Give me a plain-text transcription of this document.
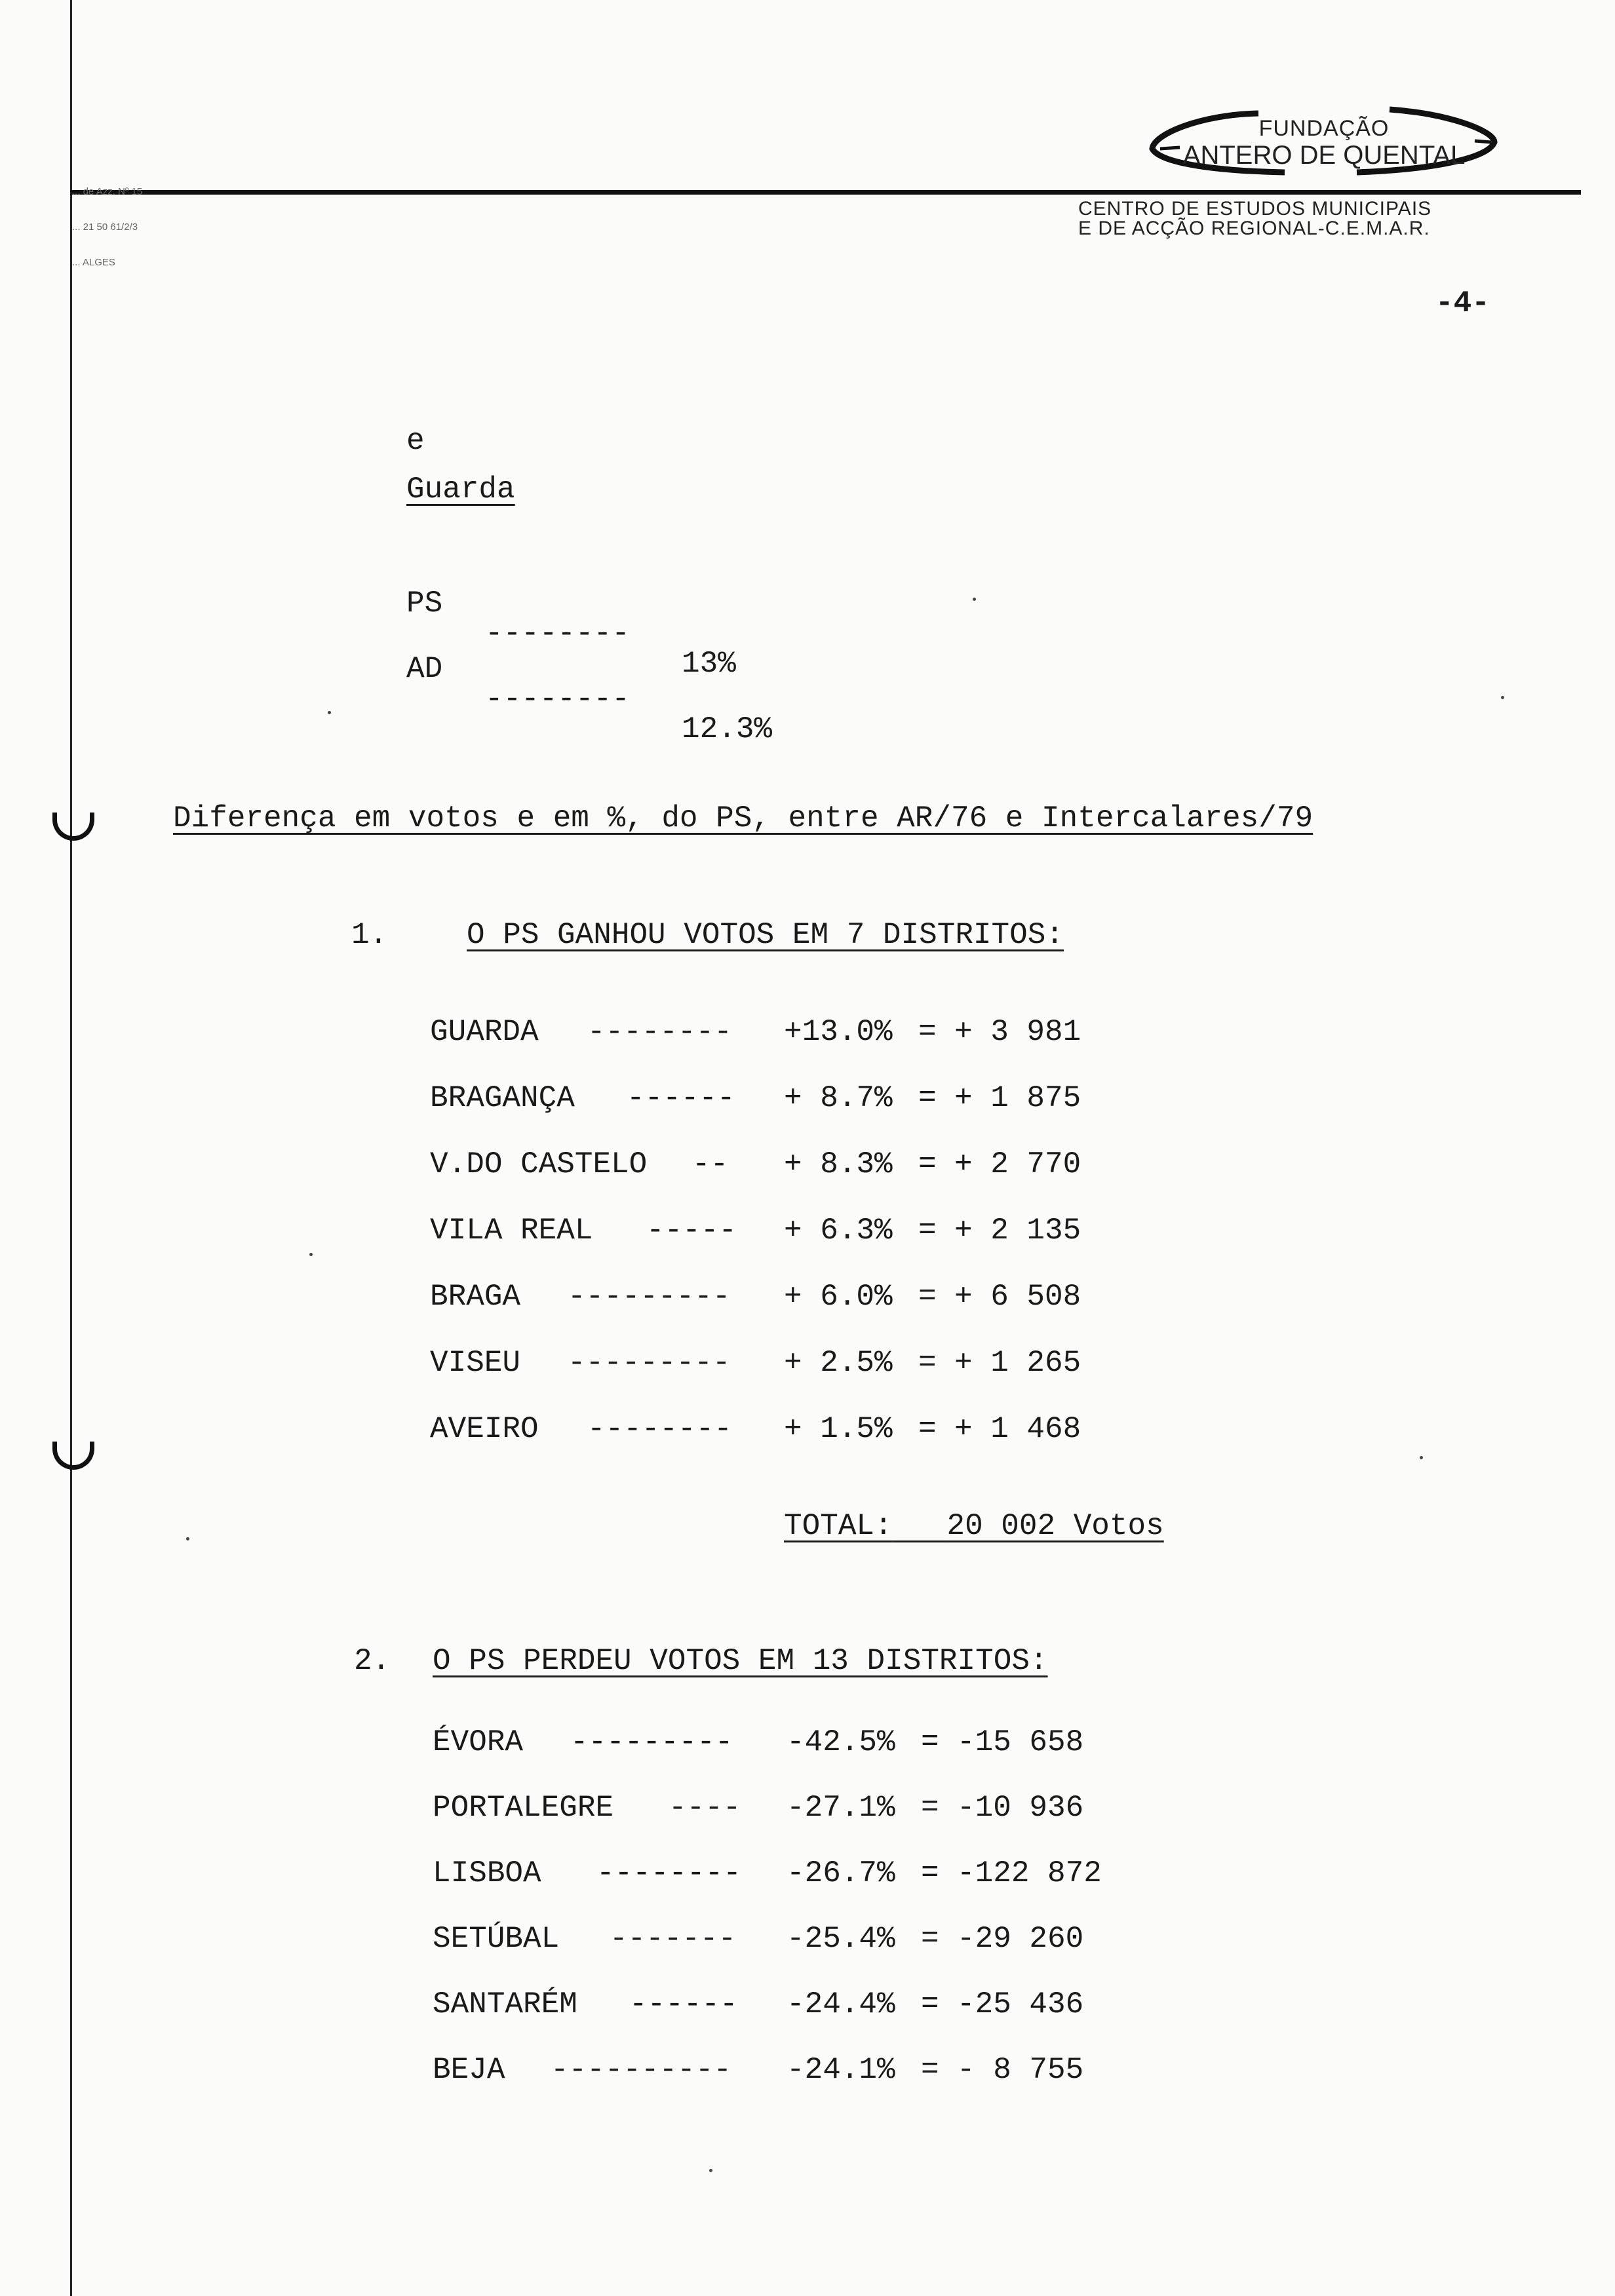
... de Azz. Nº 15

... 21 50 61/2/3

... ALGES

FUNDAÇÃO
ANTERO DE QUENTAL
CENTRO DE ESTUDOS MUNICIPAIS
E DE ACÇÃO REGIONAL-C.E.M.A.R.
-4-
e
Guarda

PS

--------

13%

AD

--------

12.3%

Diferença em votos e em %, do PS, entre AR/76 e Intercalares/79
1.	O PS GANHOU VOTOS EM 7 DISTRITOS:
GUARDA -------- +13.0% = + 3 981
BRAGANÇA ------ + 8.7% = + 1 875
V.DO CASTELO -- + 8.3% = + 2 770
VILA REAL ----- + 6.3% = + 2 135
BRAGA --------- + 6.0% = + 6 508
VISEU --------- + 2.5% = + 1 265
AVEIRO -------- + 1.5% = + 1 468
TOTAL: 20 002 Votos
2. O PS PERDEU VOTOS EM 13 DISTRITOS:
ÉVORA --------- -42.5% = -15 658
PORTALEGRE ---- -27.1% = -10 936
LISBOA -------- -26.7% = -122 872
SETÚBAL ------- -25.4% = -29 260
SANTARÉM ------ -24.4% = -25 436
BEJA ---------- -24.1% = - 8 755
